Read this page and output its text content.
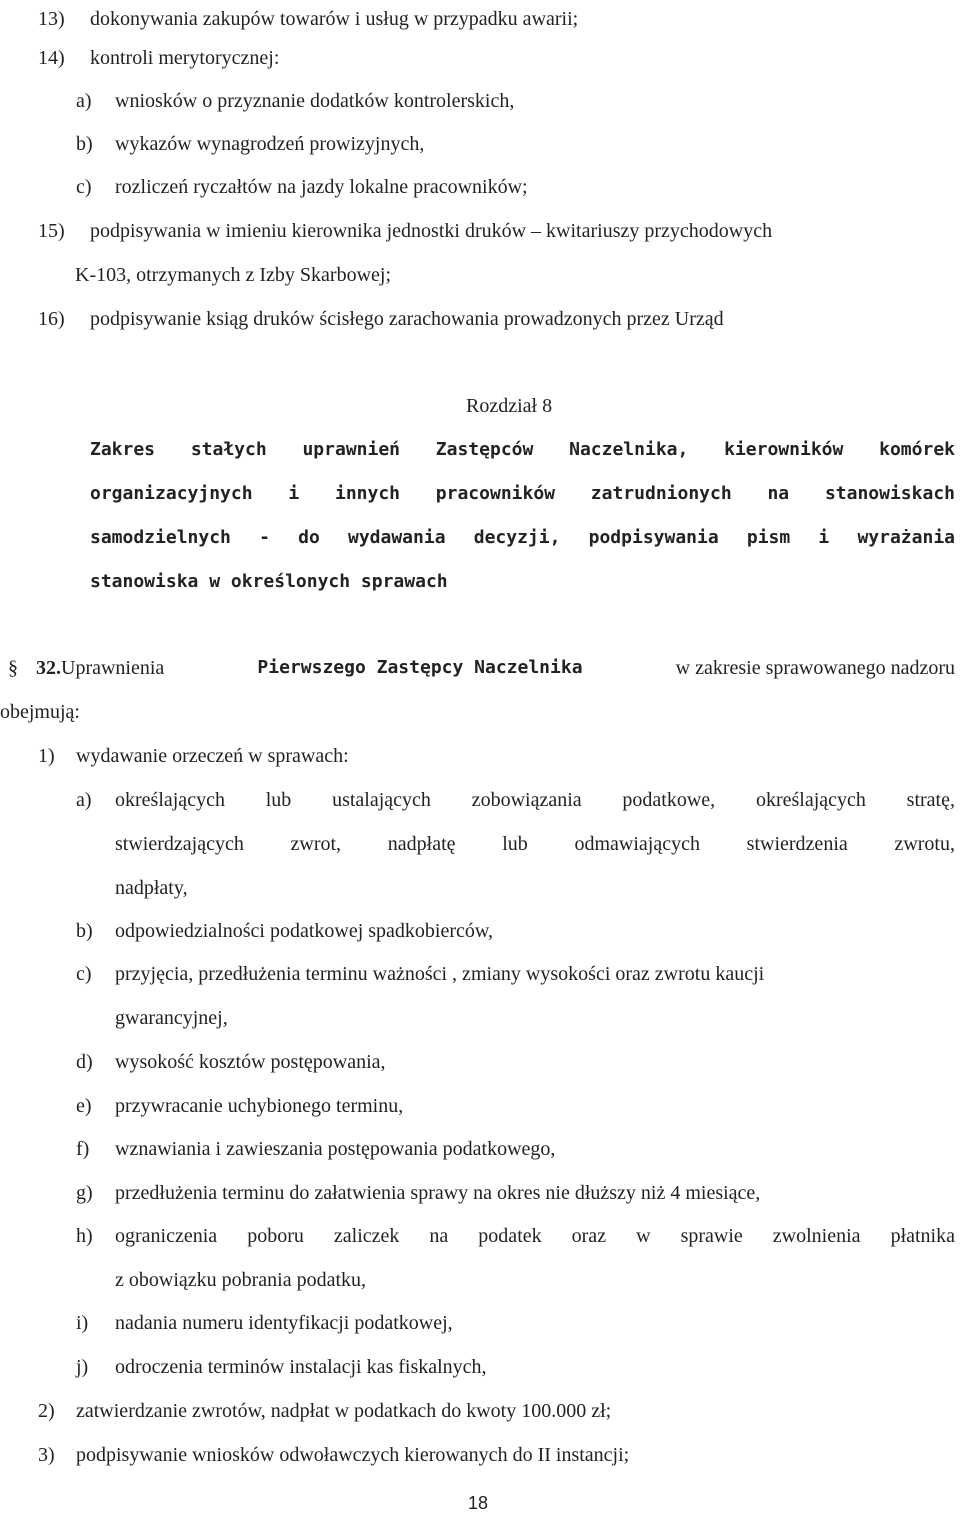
13) dokonywania zakupów towarów i usług w przypadku awarii;
14) kontroli merytorycznej:
a) wniosków o przyznanie dodatków kontrolerskich,
b) wykazów wynagrodzeń prowizyjnych,
c) rozliczeń ryczałtów na jazdy lokalne pracowników;
15) podpisywania w imieniu kierownika jednostki druków – kwitariuszy przychodowych
K-103, otrzymanych z Izby Skarbowej;
16) podpisywanie ksiąg druków ścisłego zarachowania prowadzonych przez Urząd
Rozdział 8
Zakres stałych uprawnień Zastępców Naczelnika, kierowników komórek
organizacyjnych i innych pracowników zatrudnionych na stanowiskach
samodzielnych - do wydawania decyzji, podpisywania pism i wyrażania
stanowiska w określonych sprawach
§ 32.Uprawnienia	Pierwszego Zastępcy Naczelnika	w zakresie sprawowanego nadzoru
obejmują:
1) wydawanie orzeczeń w sprawach:
a) określających lub ustalających zobowiązania podatkowe, określających stratę,
stwierdzających zwrot, nadpłatę lub odmawiających stwierdzenia zwrotu,
nadpłaty,
b) odpowiedzialności podatkowej spadkobierców,
c) przyjęcia, przedłużenia terminu ważności , zmiany wysokości oraz zwrotu kaucji
gwarancyjnej,
d) wysokość kosztów postępowania,
e) przywracanie uchybionego terminu,
f) wznawiania i zawieszania postępowania podatkowego,
g) przedłużenia terminu do załatwienia sprawy na okres nie dłuższy niż 4 miesiące,
h) ograniczenia poboru zaliczek na podatek oraz w sprawie zwolnienia płatnika
z obowiązku pobrania podatku,
i) nadania numeru identyfikacji podatkowej,
j) odroczenia terminów instalacji kas fiskalnych,
2) zatwierdzanie zwrotów, nadpłat w podatkach do kwoty 100.000 zł;
3) podpisywanie wniosków odwoławczych kierowanych do II instancji;
18
